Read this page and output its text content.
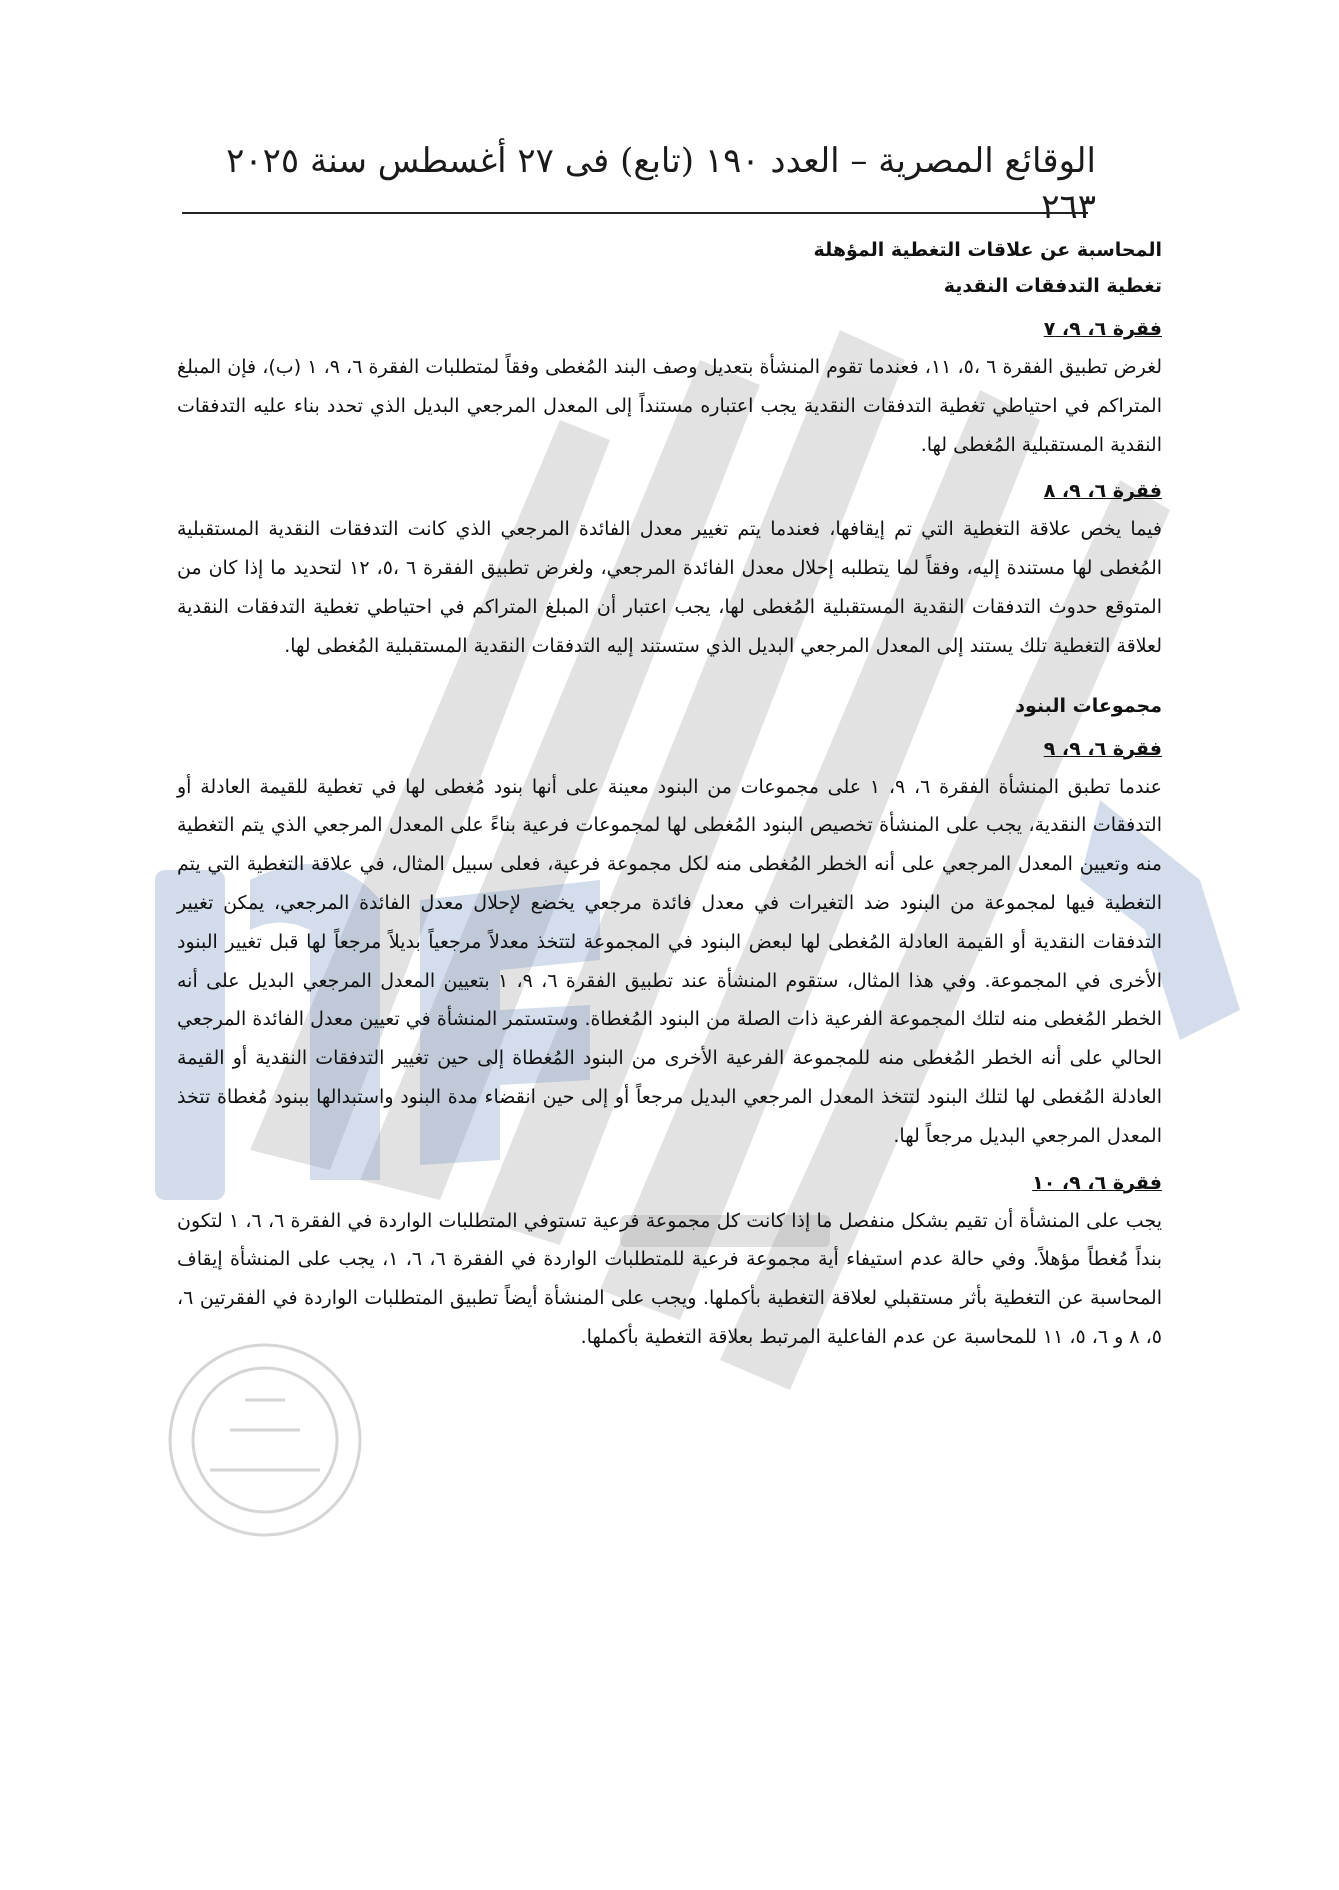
الوقائع المصرية – العدد ١٩٠ (تابع) فى ٢٧ أغسطس سنة ٢٠٢٥ ٢٦٣

المحاسبة عن علاقات التغطية المؤهلة

تغطية التدفقات النقدية

فقرة ٦، ٩، ٧

لغرض تطبيق الفقرة ٦ ،٥، ١١، فعندما تقوم المنشأة بتعديل وصف البند المُغطى وفقاً لمتطلبات الفقرة ٦، ٩، ١ (ب)، فإن المبلغ المتراكم في احتياطي تغطية التدفقات النقدية يجب اعتباره مستنداً إلى المعدل المرجعي البديل الذي تحدد بناء عليه التدفقات النقدية المستقبلية المُغطى لها.

فقرة ٦، ٩، ٨

فيما يخص علاقة التغطية التي تم إيقافها، فعندما يتم تغيير معدل الفائدة المرجعي الذي كانت التدفقات النقدية المستقبلية المُغطى لها مستندة إليه، وفقاً لما يتطلبه إحلال معدل الفائدة المرجعي، ولغرض تطبيق الفقرة ٦ ،٥، ١٢ لتحديد ما إذا كان من المتوقع حدوث التدفقات النقدية المستقبلية المُغطى لها، يجب اعتبار أن المبلغ المتراكم في احتياطي تغطية التدفقات النقدية لعلاقة التغطية تلك يستند إلى المعدل المرجعي البديل الذي ستستند إليه التدفقات النقدية المستقبلية المُغطى لها.

مجموعات البنود

فقرة ٦، ٩، ٩

عندما تطبق المنشأة الفقرة ٦، ٩، ١ على مجموعات من البنود معينة على أنها بنود مُغطى لها في تغطية للقيمة العادلة أو التدفقات النقدية، يجب على المنشأة تخصيص البنود المُغطى لها لمجموعات فرعية بناءً على المعدل المرجعي الذي يتم التغطية منه وتعيين المعدل المرجعي على أنه الخطر المُغطى منه لكل مجموعة فرعية، فعلى سبيل المثال، في علاقة التغطية التي يتم التغطية فيها لمجموعة من البنود ضد التغيرات في معدل فائدة مرجعي يخضع لإحلال معدل الفائدة المرجعي، يمكن تغيير التدفقات النقدية أو القيمة العادلة المُغطى لها لبعض البنود في المجموعة لتتخذ معدلاً مرجعياً بديلاً مرجعاً لها قبل تغيير البنود الأخرى في المجموعة. وفي هذا المثال، ستقوم المنشأة عند تطبيق الفقرة ٦، ٩، ١ بتعيين المعدل المرجعي البديل على أنه الخطر المُغطى منه لتلك المجموعة الفرعية ذات الصلة من البنود المُغطاة. وستستمر المنشأة في تعيين معدل الفائدة المرجعي الحالي على أنه الخطر المُغطى منه للمجموعة الفرعية الأخرى من البنود المُغطاة إلى حين تغيير التدفقات النقدية أو القيمة العادلة المُغطى لها لتلك البنود لتتخذ المعدل المرجعي البديل مرجعاً أو إلى حين انقضاء مدة البنود واستبدالها ببنود مُغطاة تتخذ المعدل المرجعي البديل مرجعاً لها.

فقرة ٦، ٩، ١٠

يجب على المنشأة أن تقيم بشكل منفصل ما إذا كانت كل مجموعة فرعية تستوفي المتطلبات الواردة في الفقرة ٦، ٦، ١ لتكون بنداً مُغطاً مؤهلاً. وفي حالة عدم استيفاء أية مجموعة فرعية للمتطلبات الواردة في الفقرة ٦، ٦، ١، يجب على المنشأة إيقاف المحاسبة عن التغطية بأثر مستقبلي لعلاقة التغطية بأكملها. ويجب على المنشأة أيضاً تطبيق المتطلبات الواردة في الفقرتين ٦، ٥، ٨ و ٦، ٥، ١١ للمحاسبة عن عدم الفاعلية المرتبط بعلاقة التغطية بأكملها.
